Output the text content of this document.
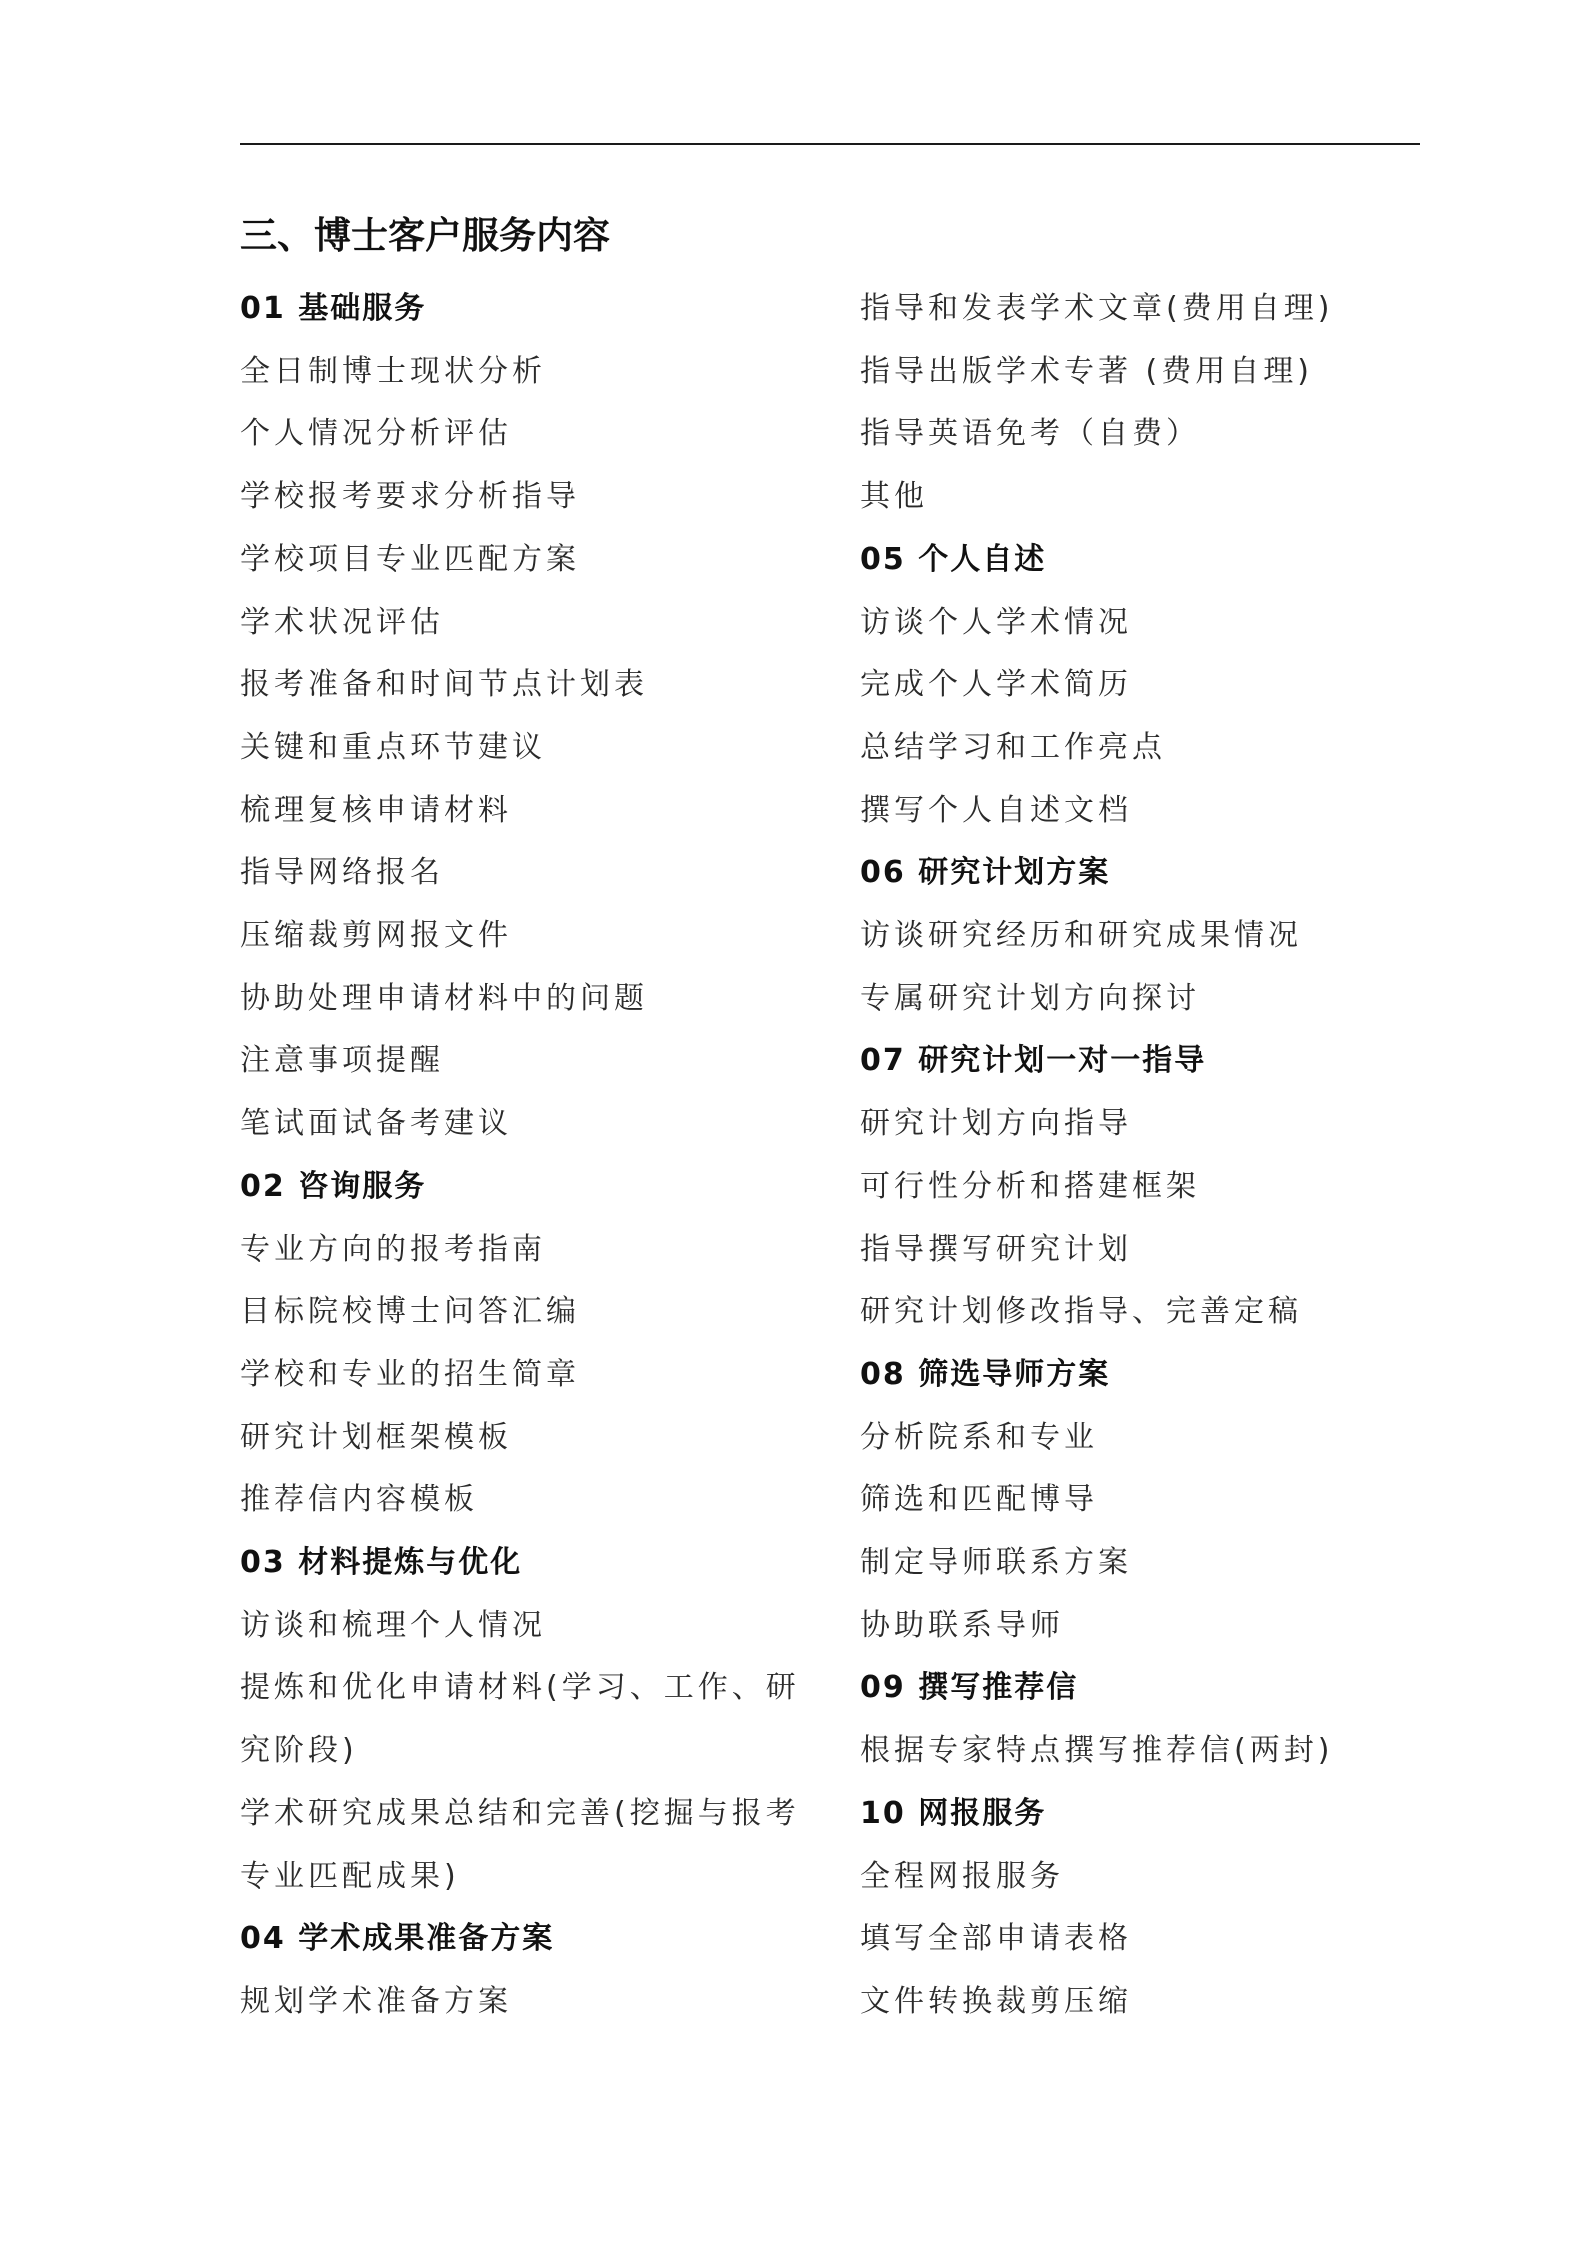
三、博士客户服务内容
01 基础服务
全日制博士现状分析
个人情况分析评估
学校报考要求分析指导
学校项目专业匹配方案
学术状况评估
报考准备和时间节点计划表
关键和重点环节建议
梳理复核申请材料
指导网络报名
压缩裁剪网报文件
协助处理申请材料中的问题
注意事项提醒
笔试面试备考建议
02 咨询服务
专业方向的报考指南
目标院校博士问答汇编
学校和专业的招生简章
研究计划框架模板
推荐信内容模板
03 材料提炼与优化
访谈和梳理个人情况
提炼和优化申请材料(学习、工作、研究阶段)
学术研究成果总结和完善(挖掘与报考专业匹配成果)
04 学术成果准备方案
规划学术准备方案
指导和发表学术文章(费用自理)
指导出版学术专著 (费用自理)
指导英语免考（自费）
其他
05 个人自述
访谈个人学术情况
完成个人学术简历
总结学习和工作亮点
撰写个人自述文档
06 研究计划方案
访谈研究经历和研究成果情况
专属研究计划方向探讨
07 研究计划一对一指导
研究计划方向指导
可行性分析和搭建框架
指导撰写研究计划
研究计划修改指导、完善定稿
08 筛选导师方案
分析院系和专业
筛选和匹配博导
制定导师联系方案
协助联系导师
09 撰写推荐信
根据专家特点撰写推荐信(两封)
10 网报服务
全程网报服务
填写全部申请表格
文件转换裁剪压缩
